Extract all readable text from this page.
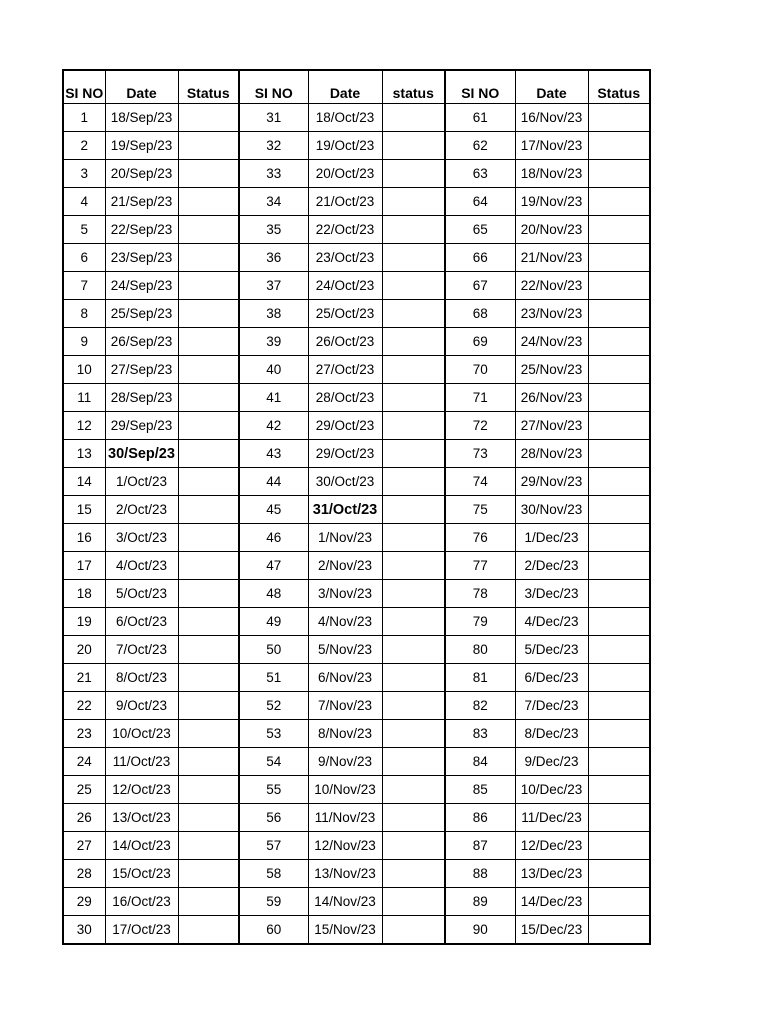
SI NO	Date	Status	SI NO	Date	status	SI NO	Date	Status
1	18/Sep/23		31	18/Oct/23		61	16/Nov/23	
2	19/Sep/23		32	19/Oct/23		62	17/Nov/23	
3	20/Sep/23		33	20/Oct/23		63	18/Nov/23	
4	21/Sep/23		34	21/Oct/23		64	19/Nov/23	
5	22/Sep/23		35	22/Oct/23		65	20/Nov/23	
6	23/Sep/23		36	23/Oct/23		66	21/Nov/23	
7	24/Sep/23		37	24/Oct/23		67	22/Nov/23	
8	25/Sep/23		38	25/Oct/23		68	23/Nov/23	
9	26/Sep/23		39	26/Oct/23		69	24/Nov/23	
10	27/Sep/23		40	27/Oct/23		70	25/Nov/23	
11	28/Sep/23		41	28/Oct/23		71	26/Nov/23	
12	29/Sep/23		42	29/Oct/23		72	27/Nov/23	
13	30/Sep/23		43	29/Oct/23		73	28/Nov/23	
14	1/Oct/23		44	30/Oct/23		74	29/Nov/23	
15	2/Oct/23		45	31/Oct/23		75	30/Nov/23	
16	3/Oct/23		46	1/Nov/23		76	1/Dec/23	
17	4/Oct/23		47	2/Nov/23		77	2/Dec/23	
18	5/Oct/23		48	3/Nov/23		78	3/Dec/23	
19	6/Oct/23		49	4/Nov/23		79	4/Dec/23	
20	7/Oct/23		50	5/Nov/23		80	5/Dec/23	
21	8/Oct/23		51	6/Nov/23		81	6/Dec/23	
22	9/Oct/23		52	7/Nov/23		82	7/Dec/23	
23	10/Oct/23		53	8/Nov/23		83	8/Dec/23	
24	11/Oct/23		54	9/Nov/23		84	9/Dec/23	
25	12/Oct/23		55	10/Nov/23		85	10/Dec/23	
26	13/Oct/23		56	11/Nov/23		86	11/Dec/23	
27	14/Oct/23		57	12/Nov/23		87	12/Dec/23	
28	15/Oct/23		58	13/Nov/23		88	13/Dec/23	
29	16/Oct/23		59	14/Nov/23		89	14/Dec/23	
30	17/Oct/23		60	15/Nov/23		90	15/Dec/23	
